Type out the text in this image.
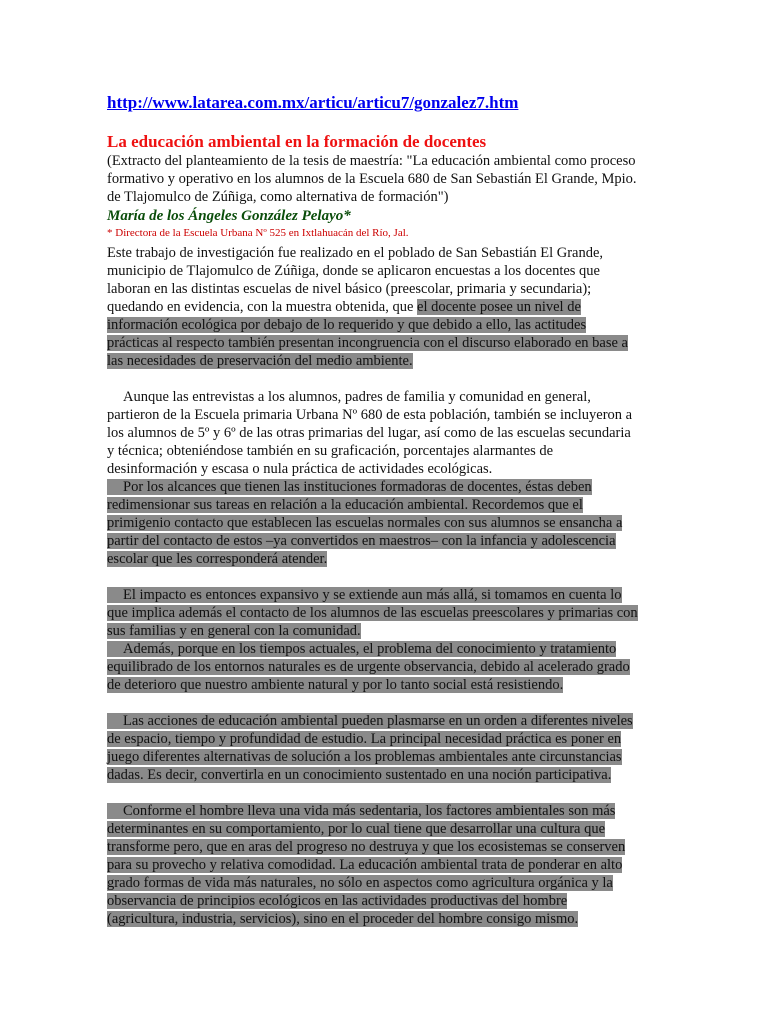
http://www.latarea.com.mx/articu/articu7/gonzalez7.htm
La educación ambiental en la formación de docentes
(Extracto del planteamiento de la tesis de maestría: "La educación ambiental como proceso
formativo y operativo en los alumnos de la Escuela 680 de San Sebastián El Grande, Mpio.
de Tlajomulco de Zúñiga, como alternativa de formación")
María de los Ángeles González Pelayo*
* Directora de la Escuela Urbana Nº 525 en Ixtlahuacán del Río, Jal.
Este trabajo de investigación fue realizado en el poblado de San Sebastián El Grande,
municipio de Tlajomulco de Zúñiga, donde se aplicaron encuestas a los docentes que
laboran en las distintas escuelas de nivel básico (preescolar, primaria y secundaria);
quedando en evidencia, con la muestra obtenida, que el docente posee un nivel de
información ecológica por debajo de lo requerido y que debido a ello, las actitudes
prácticas al respecto también presentan incongruencia con el discurso elaborado en base a
las necesidades de preservación del medio ambiente.
Aunque las entrevistas a los alumnos, padres de familia y comunidad en general,
partieron de la Escuela primaria Urbana Nº 680 de esta población, también se incluyeron a
los alumnos de 5º y 6º de las otras primarias del lugar, así como de las escuelas secundaria
y técnica; obteniéndose también en su graficación, porcentajes alarmantes de
desinformación y escasa o nula práctica de actividades ecológicas.
Por los alcances que tienen las instituciones formadoras de docentes, éstas deben
redimensionar sus tareas en relación a la educación ambiental. Recordemos que el
primigenio contacto que establecen las escuelas normales con sus alumnos se ensancha a
partir del contacto de estos –ya convertidos en maestros– con la infancia y adolescencia
escolar que les corresponderá atender.
El impacto es entonces expansivo y se extiende aun más allá, si tomamos en cuenta lo
que implica además el contacto de los alumnos de las escuelas preescolares y primarias con
sus familias y en general con la comunidad.
Además, porque en los tiempos actuales, el problema del conocimiento y tratamiento
equilibrado de los entornos naturales es de urgente observancia, debido al acelerado grado
de deterioro que nuestro ambiente natural y por lo tanto social está resistiendo.
Las acciones de educación ambiental pueden plasmarse en un orden a diferentes niveles
de espacio, tiempo y profundidad de estudio. La principal necesidad práctica es poner en
juego diferentes alternativas de solución a los problemas ambientales ante circunstancias
dadas. Es decir, convertirla en un conocimiento sustentado en una noción participativa.
Conforme el hombre lleva una vida más sedentaria, los factores ambientales son más
determinantes en su comportamiento, por lo cual tiene que desarrollar una cultura que
transforme pero, que en aras del progreso no destruya y que los ecosistemas se conserven
para su provecho y relativa comodidad. La educación ambiental trata de ponderar en alto
grado formas de vida más naturales, no sólo en aspectos como agricultura orgánica y la
observancia de principios ecológicos en las actividades productivas del hombre
(agricultura, industria, servicios), sino en el proceder del hombre consigo mismo.
